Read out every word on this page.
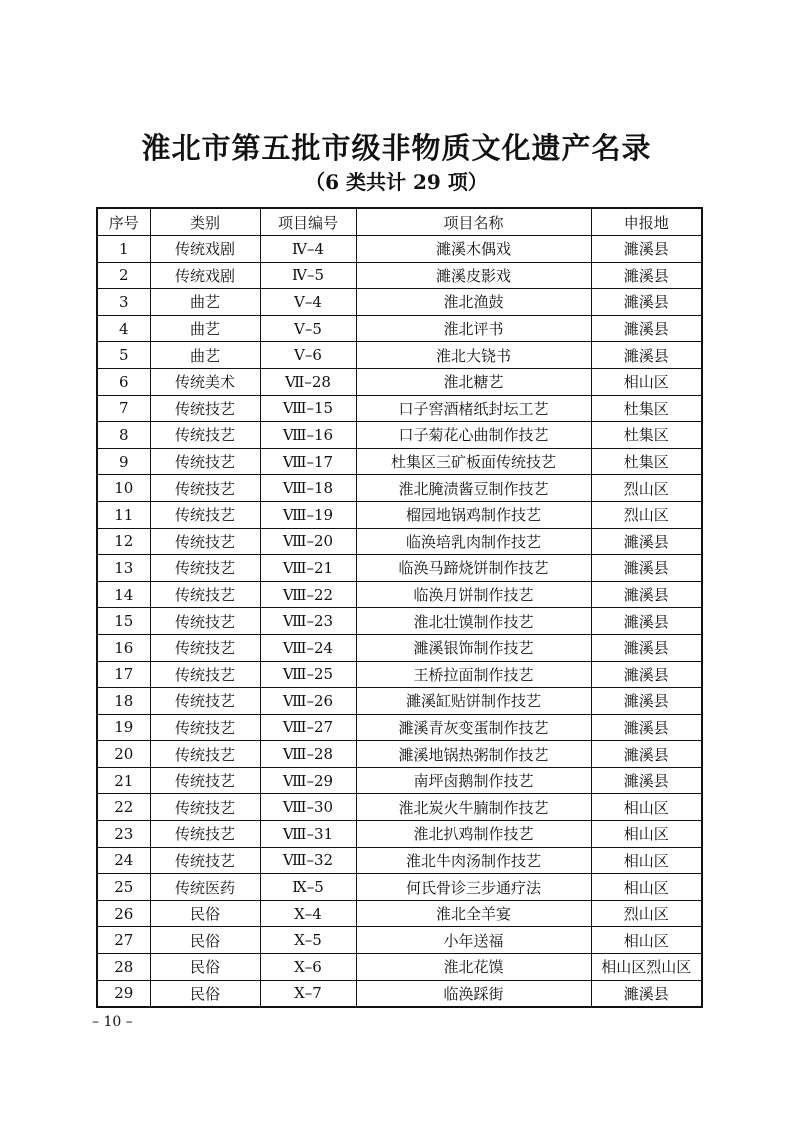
淮北市第五批市级非物质文化遗产名录
（6 类共计 29 项）
序号	类别	项目编号	项目名称	申报地
1	传统戏剧	Ⅳ–4	濉溪木偶戏	濉溪县
2	传统戏剧	Ⅳ–5	濉溪皮影戏	濉溪县
3	曲艺	Ⅴ–4	淮北渔鼓	濉溪县
4	曲艺	Ⅴ–5	淮北评书	濉溪县
5	曲艺	Ⅴ–6	淮北大铙书	濉溪县
6	传统美术	Ⅶ–28	淮北糖艺	相山区
7	传统技艺	Ⅷ–15	口子窖酒楮纸封坛工艺	杜集区
8	传统技艺	Ⅷ–16	口子菊花心曲制作技艺	杜集区
9	传统技艺	Ⅷ–17	杜集区三矿板面传统技艺	杜集区
10	传统技艺	Ⅷ–18	淮北腌渍酱豆制作技艺	烈山区
11	传统技艺	Ⅷ–19	榴园地锅鸡制作技艺	烈山区
12	传统技艺	Ⅷ–20	临涣培乳肉制作技艺	濉溪县
13	传统技艺	Ⅷ–21	临涣马蹄烧饼制作技艺	濉溪县
14	传统技艺	Ⅷ–22	临涣月饼制作技艺	濉溪县
15	传统技艺	Ⅷ–23	淮北壮馍制作技艺	濉溪县
16	传统技艺	Ⅷ–24	濉溪银饰制作技艺	濉溪县
17	传统技艺	Ⅷ–25	王桥拉面制作技艺	濉溪县
18	传统技艺	Ⅷ–26	濉溪缸贴饼制作技艺	濉溪县
19	传统技艺	Ⅷ–27	濉溪青灰变蛋制作技艺	濉溪县
20	传统技艺	Ⅷ–28	濉溪地锅热粥制作技艺	濉溪县
21	传统技艺	Ⅷ–29	南坪卤鹅制作技艺	濉溪县
22	传统技艺	Ⅷ–30	淮北炭火牛腩制作技艺	相山区
23	传统技艺	Ⅷ–31	淮北扒鸡制作技艺	相山区
24	传统技艺	Ⅷ–32	淮北牛肉汤制作技艺	相山区
25	传统医药	Ⅸ–5	何氏骨诊三步通疗法	相山区
26	民俗	Ⅹ–4	淮北全羊宴	烈山区
27	民俗	Ⅹ–5	小年送福	相山区
28	民俗	Ⅹ–6	淮北花馍	相山区烈山区
29	民俗	Ⅹ–7	临涣踩街	濉溪县
– 10 –
